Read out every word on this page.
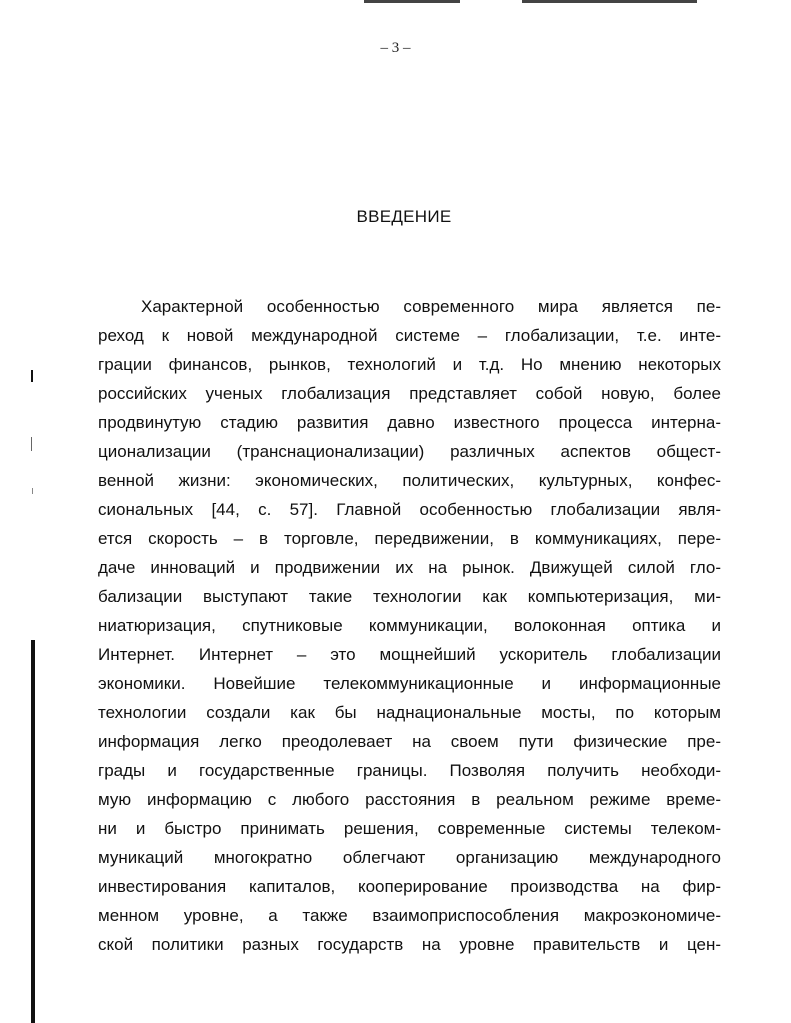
– 3 –
ВВЕДЕНИЕ
Характерной особенностью современного мира является пе-
реход к новой международной системе – глобализации, т.е. инте-
грации финансов, рынков, технологий и т.д. Но мнению некоторых
российских ученых глобализация представляет собой новую, более
продвинутую стадию развития давно известного процесса интерна-
ционализации (транснационализации) различных аспектов общест-
венной жизни: экономических, политических, культурных, конфес-
сиональных [44, с. 57]. Главной особенностью глобализации явля-
ется скорость – в торговле, передвижении, в коммуникациях, пере-
даче инноваций и продвижении их на рынок. Движущей силой гло-
бализации выступают такие технологии как компьютеризация, ми-
ниатюризация, спутниковые коммуникации, волоконная оптика и
Интернет. Интернет – это мощнейший ускоритель глобализации
экономики. Новейшие телекоммуникационные и информационные
технологии создали как бы наднациональные мосты, по которым
информация легко преодолевает на своем пути физические пре-
грады и государственные границы. Позволяя получить необходи-
мую информацию с любого расстояния в реальном режиме време-
ни и быстро принимать решения, современные системы телеком-
муникаций многократно облегчают организацию международного
инвестирования капиталов, кооперирование производства на фир-
менном уровне, а также взаимоприспособления макроэкономиче-
ской политики разных государств на уровне правительств и цен-
